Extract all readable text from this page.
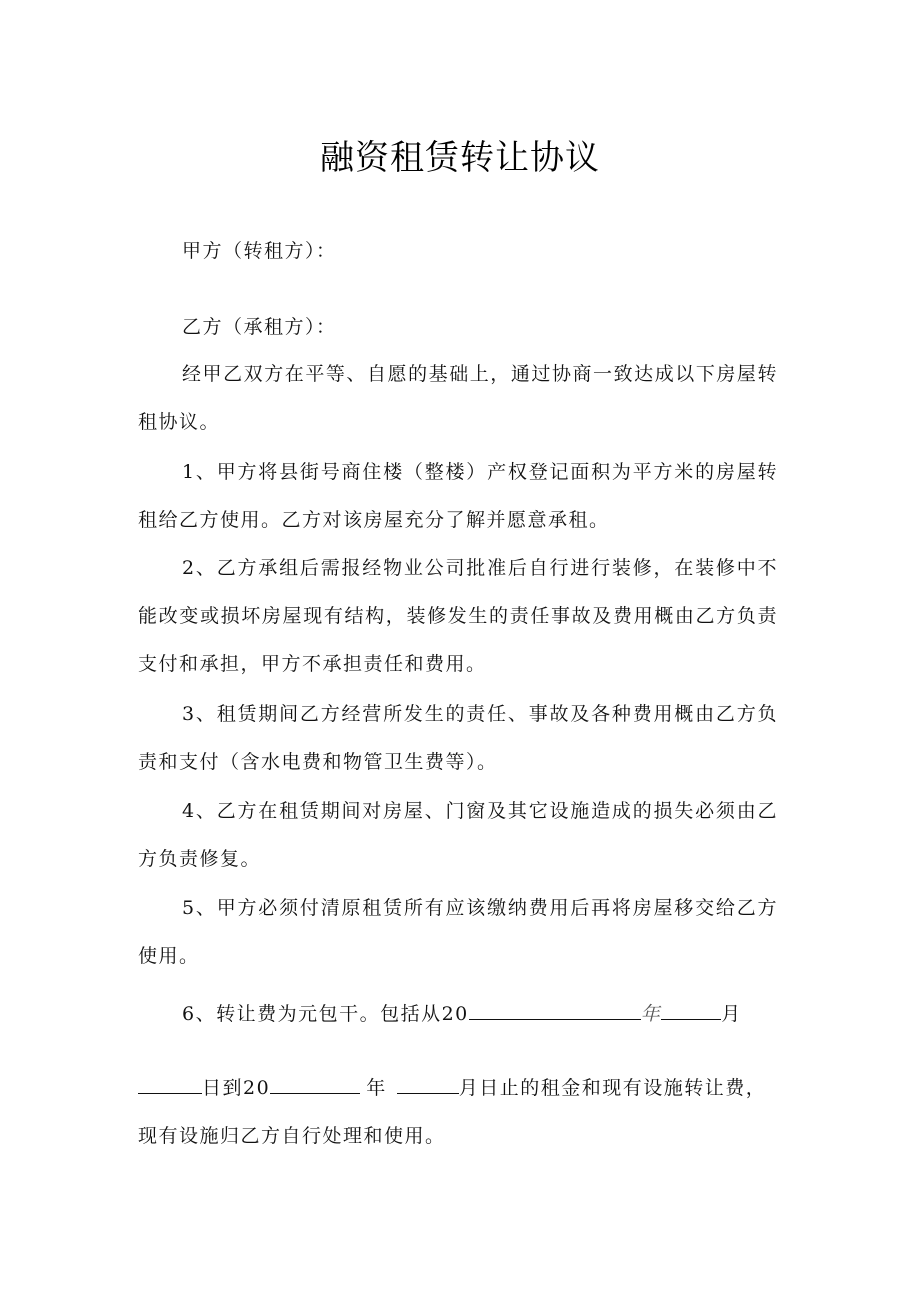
融资租赁转让协议
甲方（转租方）：
乙方（承租方）：
经甲乙双方在平等、自愿的基础上，通过协商一致达成以下房屋转租协议。
1、甲方将县街号商住楼（整楼）产权登记面积为平方米的房屋转租给乙方使用。乙方对该房屋充分了解并愿意承租。
2、乙方承组后需报经物业公司批准后自行进行装修，在装修中不能改变或损坏房屋现有结构，装修发生的责任事故及费用概由乙方负责支付和承担，甲方不承担责任和费用。
3、租赁期间乙方经营所发生的责任、事故及各种费用概由乙方负责和支付（含水电费和物管卫生费等）。
4、乙方在租赁期间对房屋、门窗及其它设施造成的损失必须由乙方负责修复。
5、甲方必须付清原租赁所有应该缴纳费用后再将房屋移交给乙方使用。
6、转让费为元包干。包括从20	年	月
日到20	年	月日止的租金和现有设施转让费，
现有设施归乙方自行处理和使用。
